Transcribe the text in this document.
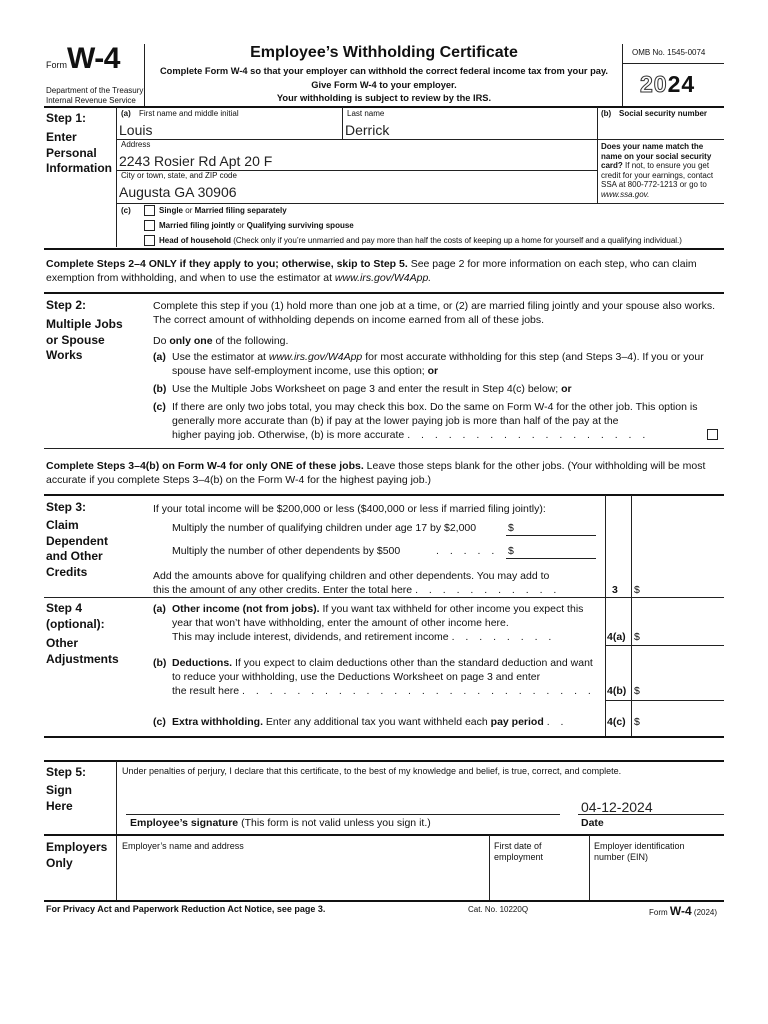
Form W-4
Department of the Treasury
Internal Revenue Service
Employee’s Withholding Certificate
Complete Form W-4 so that your employer can withhold the correct federal income tax from your pay.
Give Form W-4 to your employer.
Your withholding is subject to review by the IRS.
OMB No. 1545-0074
2024
Step 1:
Enter Personal Information
(a) First name and middle initial
Louis
Last name
Derrick
(b) Social security number
Address
2243 Rosier Rd Apt 20 F
City or town, state, and ZIP code
Augusta GA 30906
Does your name match the name on your social security card? If not, to ensure you get credit for your earnings, contact SSA at 800-772-1213 or go to www.ssa.gov.
(c)	Single or Married filing separately
Married filing jointly or Qualifying surviving spouse
Head of household (Check only if you’re unmarried and pay more than half the costs of keeping up a home for yourself and a qualifying individual.)
Complete Steps 2–4 ONLY if they apply to you; otherwise, skip to Step 5. See page 2 for more information on each step, who can claim exemption from withholding, and when to use the estimator at www.irs.gov/W4App.
Step 2:
Multiple Jobs or Spouse Works
Complete this step if you (1) hold more than one job at a time, or (2) are married filing jointly and your spouse also works. The correct amount of withholding depends on income earned from all of these jobs.
Do only one of the following.
(a) Use the estimator at www.irs.gov/W4App for most accurate withholding for this step (and Steps 3–4). If you or your spouse have self-employment income, use this option; or
(b) Use the Multiple Jobs Worksheet on page 3 and enter the result in Step 4(c) below; or
(c) If there are only two jobs total, you may check this box. Do the same on Form W-4 for the other job. This option is generally more accurate than (b) if pay at the lower paying job is more than half of the pay at the
higher paying job. Otherwise, (b) is more accurate . . . . . . . . . . . . . . . . . .
Complete Steps 3–4(b) on Form W-4 for only ONE of these jobs. Leave those steps blank for the other jobs. (Your withholding will be most accurate if you complete Steps 3–4(b) on the Form W-4 for the highest paying job.)
Step 3:
Claim Dependent and Other Credits
If your total income will be $200,000 or less ($400,000 or less if married filing jointly):
Multiply the number of qualifying children under age 17 by $2,000	$
Multiply the number of other dependents by $500	. . . . . $
Add the amounts above for qualifying children and other dependents. You may add to
this the amount of any other credits. Enter the total here . . . . . . . . . . .	3 $
Step 4
(optional):
Other Adjustments
(a) Other income (not from jobs). If you want tax withheld for other income you expect this year that won’t have withholding, enter the amount of other income here.
This may include interest, dividends, and retirement income . . . . . . . .	4(a) $
(b) Deductions. If you expect to claim deductions other than the standard deduction and want to reduce your withholding, use the Deductions Worksheet on page 3 and enter
the result here . . . . . . . . . . . . . . . . . . . . . . . . . . 4(b) $
(c) Extra withholding. Enter any additional tax you want withheld each pay period . .	4(c) $
Step 5:
Sign Here
Under penalties of perjury, I declare that this certificate, to the best of my knowledge and belief, is true, correct, and complete.
04-12-2024
Employee’s signature (This form is not valid unless you sign it.)	Date
Employers Only
Employer’s name and address	First date of employment
Employer identification number (EIN)
For Privacy Act and Paperwork Reduction Act Notice, see page 3.	Cat. No. 10220Q	Form W-4 (2024)
